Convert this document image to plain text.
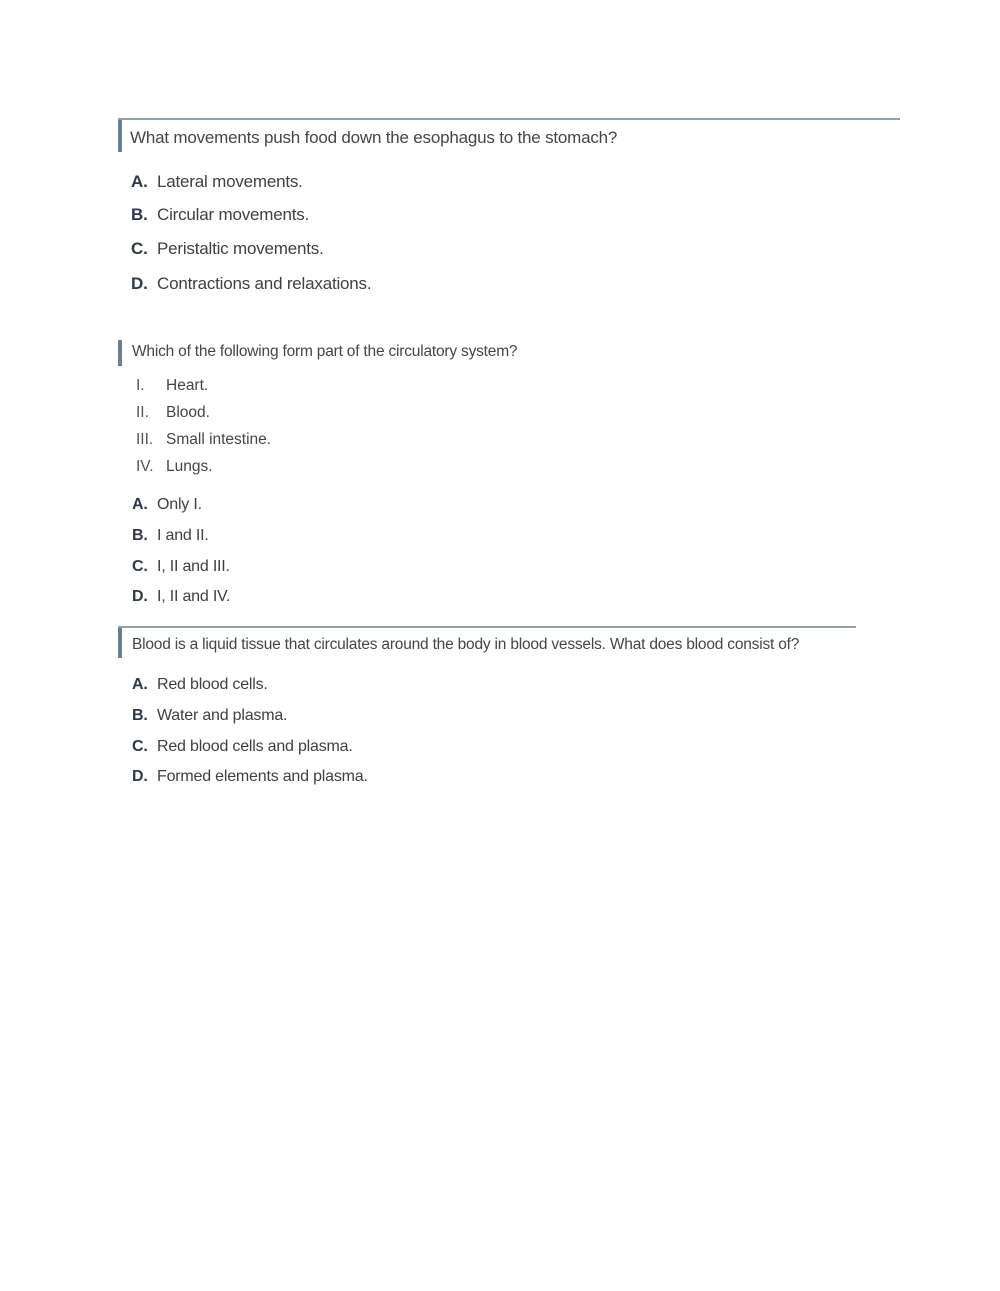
What movements push food down the esophagus to the stomach?
A. Lateral movements.
B. Circular movements.
C. Peristaltic movements.
D. Contractions and relaxations.
Which of the following form part of the circulatory system?
I. Heart.
II. Blood.
III. Small intestine.
IV. Lungs.
A. Only I.
B. I and II.
C. I, II and III.
D. I, II and IV.
Blood is a liquid tissue that circulates around the body in blood vessels. What does blood consist of?
A. Red blood cells.
B. Water and plasma.
C. Red blood cells and plasma.
D. Formed elements and plasma.
